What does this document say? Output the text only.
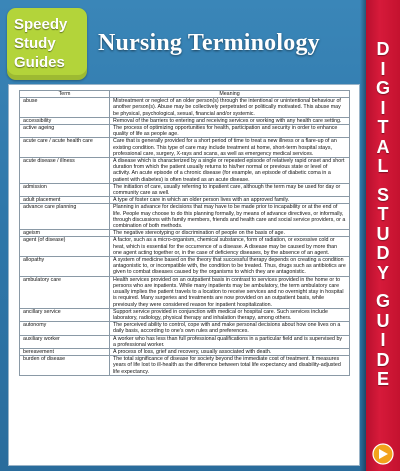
Speedy
Study
Guides
Nursing Terminology
Term	Meaning
abuse	Mistreatment or neglect of an older person(s) through the intentional or unintentional behaviour of another person(s). Abuse may be collectively perpetrated or politically motivated. This abuse may be physical, psychological, sexual, financial and/or systemic.
accessibility	Removal of the barriers to entering and receiving services or working with any health care setting.
active ageing	The process of optimizing opportunities for health, participation and security in order to enhance quality of life as people age.
acute care / acute health care	Care that is generally provided for a short period of time to treat a new illness or a flare-up of an existing condition. This type of care may include treatment at home, short-term hospital stays, professional care, surgery, X-rays and scans, as well as emergency medical services.
acute disease / illness	A disease which is characterized by a single or repeated episode of relatively rapid onset and short duration from which the patient usually returns to his/her normal or previous state or level of activity. An acute episode of a chronic disease (for example, an episode of diabetic coma in a patient with diabetes) is often treated as an acute disease.
admission	The initiation of care, usually referring to inpatient care, although the term may be used for day or community care as well.
adult placement	A type of foster care in which an older person lives with an approved family.
advance care planning	Planning in advance for decisions that may have to be made prior to incapability or at the end of life. People may choose to do this planning formally, by means of advance directives, or informally, through discussions with family members, friends and health care and social service providers, or a combination of both methods.
ageism	The negative stereotyping or discrimination of people on the basis of age.
agent (of disease)	A factor, such as a micro-organism, chemical substance, form of radiation, or excessive cold or heat, which is essential for the occurrence of a disease. A disease may be caused by more than one agent acting together or, in the case of deficiency diseases, by the absence of an agent.
allopathy	A system of medicine based on the theory that successful therapy depends on creating a condition antagonistic to, or incompatible with, the condition to be treated. Thus, drugs such as antibiotics are given to combat diseases caused by the organisms to which they are antagonistic.
ambulatory care	Health services provided on an outpatient basis in contrast to services provided in the home or to persons who are inpatients. While many inpatients may be ambulatory, the term ambulatory care usually implies the patient travels to a location to receive services and no overnight stay in hospital is required. Many surgeries and treatments are now provided on an outpatient basis, while previously they were considered reason for inpatient hospitalization.
ancillary service	Support service provided in conjunction with medical or hospital care. Such services include laboratory, radiology, physical therapy and inhalation therapy, among others.
autonomy	The perceived ability to control, cope with and make personal decisions about how one lives on a daily basis, according to one's own rules and preferences.
auxiliary worker	A worker who has less than full professional qualifications in a particular field and is supervised by a professional worker.
bereavement	A process of loss, grief and recovery, usually associated with death.
burden of disease	The total significance of disease for society beyond the immediate cost of treatment. It measures years of life lost to ill-health as the difference between total life expectancy and disability-adjusted life expectancy.
D
I
G
I
T
A
L

S
T
U
D
Y

G
U
I
D
E
